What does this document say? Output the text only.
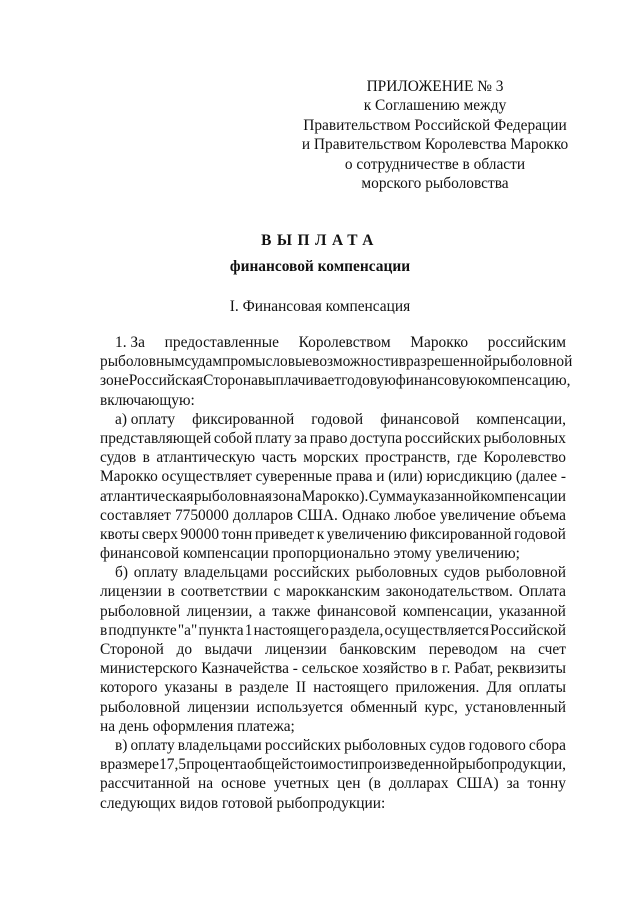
ПРИЛОЖЕНИЕ № 3
к Соглашению между
Правительством Российской Федерации
и Правительством Королевства Марокко
о сотрудничестве в области
морского рыболовства
ВЫПЛАТА
финансовой компенсации
I. Финансовая компенсация
1. За предоставленные Королевством Марокко российским
рыболовным судам промысловые возможности в разрешенной рыболовной
зоне Российская Сторона выплачивает годовую финансовую компенсацию,
включающую:
а) оплату фиксированной годовой финансовой компенсации,
представляющей собой плату за право доступа российских рыболовных
судов в атлантическую часть морских пространств, где Королевство
Марокко осуществляет суверенные права и (или) юрисдикцию (далее -
атлантическая рыболовная зона Марокко). Сумма указанной компенсации
составляет 7750000 долларов США. Однако любое увеличение объема
квоты сверх 90000 тонн приведет к увеличению фиксированной годовой
финансовой компенсации пропорционально этому увеличению;
б) оплату владельцами российских рыболовных судов рыболовной
лицензии в соответствии с марокканским законодательством. Оплата
рыболовной лицензии, а также финансовой компенсации, указанной
в подпункте "а" пункта 1 настоящего раздела, осуществляется Российской
Стороной до выдачи лицензии банковским переводом на счет
министерского Казначейства - сельское хозяйство в г. Рабат, реквизиты
которого указаны в разделе II настоящего приложения. Для оплаты
рыболовной лицензии используется обменный курс, установленный
на день оформления платежа;
в) оплату владельцами российских рыболовных судов годового сбора
в размере 17,5 процента общей стоимости произведенной рыбопродукции,
рассчитанной на основе учетных цен (в долларах США) за тонну
следующих видов готовой рыбопродукции:
